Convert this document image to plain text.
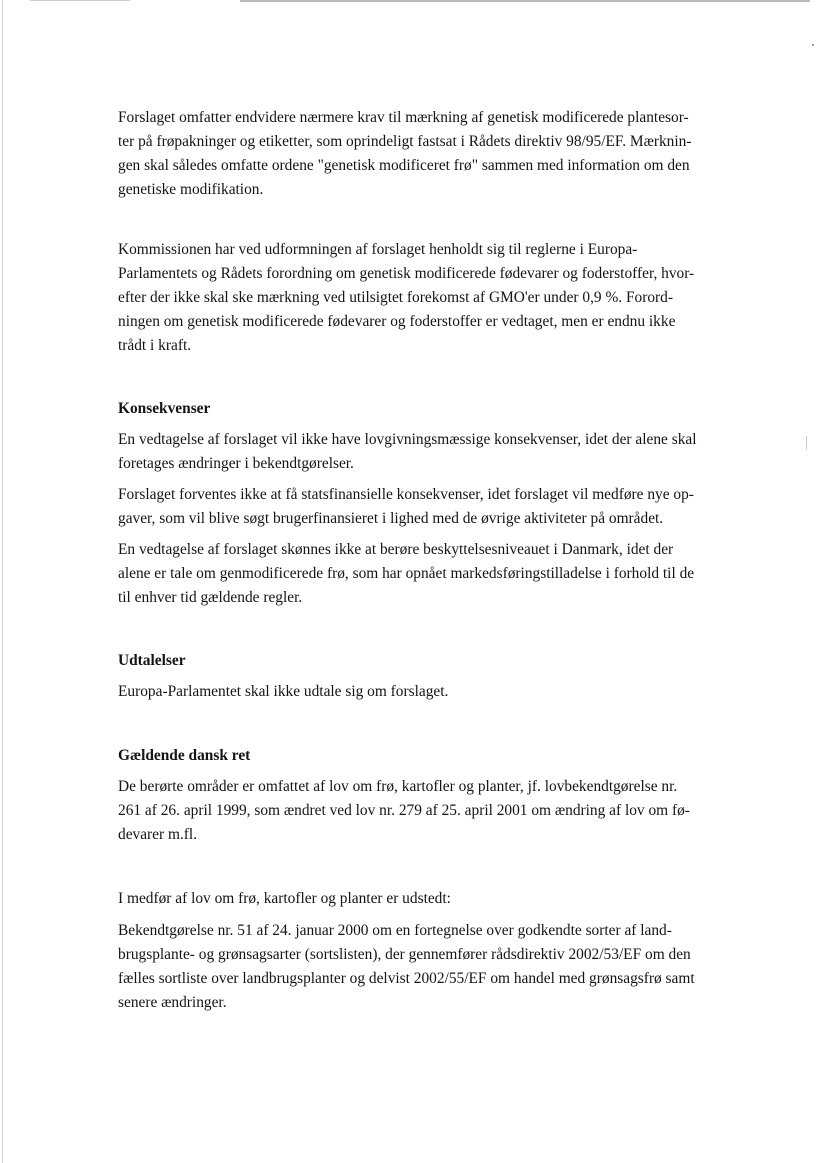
Forslaget omfatter endvidere nærmere krav til mærkning af genetisk modificerede plantesor-
ter på frøpakninger og etiketter, som oprindeligt fastsat i Rådets direktiv 98/95/EF. Mærknin-
gen skal således omfatte ordene "genetisk modificeret frø" sammen med information om den
genetiske modifikation.
Kommissionen har ved udformningen af forslaget henholdt sig til reglerne i Europa-
Parlamentets og Rådets forordning om genetisk modificerede fødevarer og foderstoffer, hvor-
efter der ikke skal ske mærkning ved utilsigtet forekomst af GMO'er under 0,9 %. Forord-
ningen om genetisk modificerede fødevarer og foderstoffer er vedtaget, men er endnu ikke
trådt i kraft.
Konsekvenser
En vedtagelse af forslaget vil ikke have lovgivningsmæssige konsekvenser, idet der alene skal
foretages ændringer i bekendtgørelser.
Forslaget forventes ikke at få statsfinansielle konsekvenser, idet forslaget vil medføre nye op-
gaver, som vil blive søgt brugerfinansieret i lighed med de øvrige aktiviteter på området.
En vedtagelse af forslaget skønnes ikke at berøre beskyttelsesniveauet i Danmark, idet der
alene er tale om genmodificerede frø, som har opnået markedsføringstilladelse i forhold til de
til enhver tid gældende regler.
Udtalelser
Europa-Parlamentet skal ikke udtale sig om forslaget.
Gældende dansk ret
De berørte områder er omfattet af lov om frø, kartofler og planter, jf. lovbekendtgørelse nr.
261 af 26. april 1999, som ændret ved lov nr. 279 af 25. april 2001 om ændring af lov om fø-
devarer m.fl.
I medfør af lov om frø, kartofler og planter er udstedt:
Bekendtgørelse nr. 51 af 24. januar 2000 om en fortegnelse over godkendte sorter af land-
brugsplante- og grønsagsarter (sortslisten), der gennemfører rådsdirektiv 2002/53/EF om den
fælles sortliste over landbrugsplanter og delvist 2002/55/EF om handel med grønsagsfrø samt
senere ændringer.
